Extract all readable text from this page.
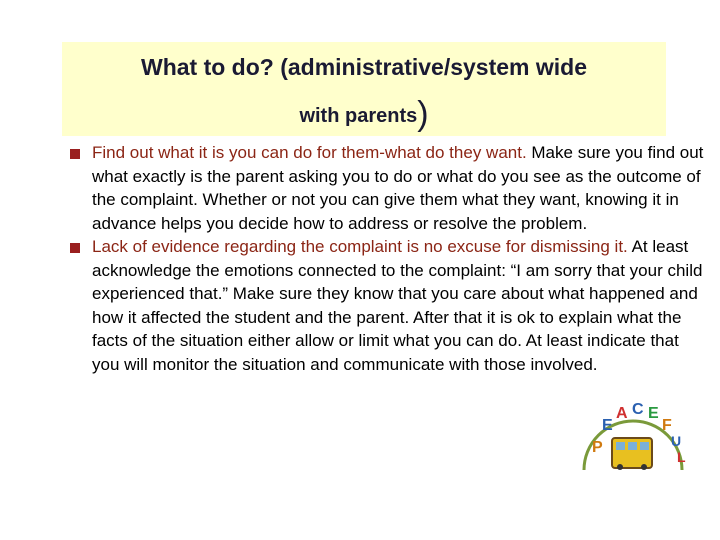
What to do? (administrative/system wide
with parents)
Find out what it is you can do for them-what do they want. Make sure you find out what exactly is the parent asking you to do or what do you see as the outcome of the complaint. Whether or not you can give them what they want, knowing it in advance helps you decide how to address or resolve the problem.
Lack of evidence regarding the complaint is no excuse for dismissing it. At least acknowledge the emotions connected to the complaint: “I am sorry that your child experienced that.” Make sure they know that you care about what happened and how it affected the student and the parent. After that it is ok to explain what the facts of the situation either allow or limit what you can do. At least indicate that you will monitor the situation and communicate with those involved.
P
E
A C E
F
U
L
